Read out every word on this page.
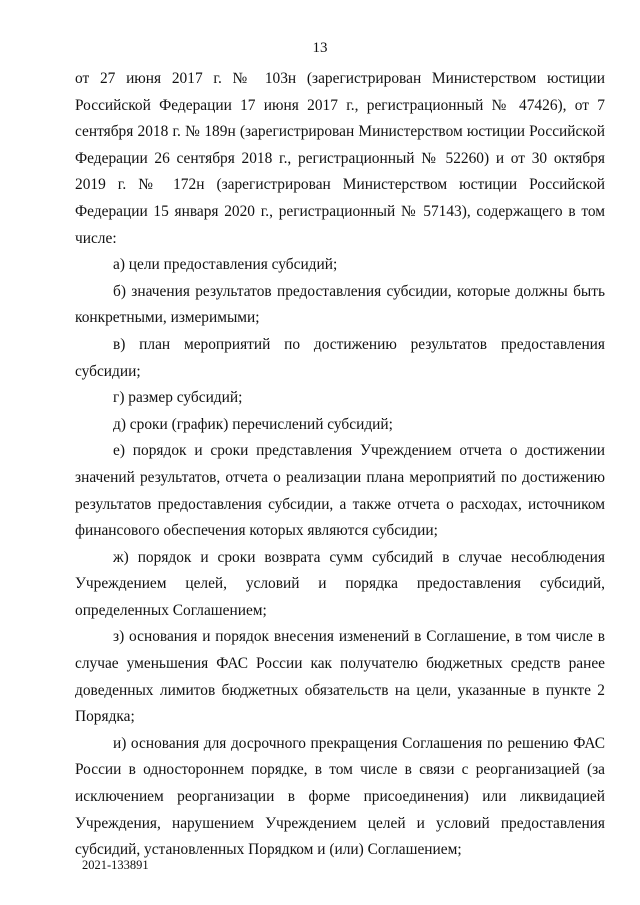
13

от 27 июня 2017 г. № 103н (зарегистрирован Министерством юстиции Российской Федерации 17 июня 2017 г., регистрационный № 47426), от 7 сентября 2018 г. № 189н (зарегистрирован Министерством юстиции Российской Федерации 26 сентября 2018 г., регистрационный № 52260) и от 30 октября 2019 г. № 172н (зарегистрирован Министерством юстиции Российской Федерации 15 января 2020 г., регистрационный № 57143), содержащего в том числе:

а) цели предоставления субсидий;

б) значения результатов предоставления субсидии, которые должны быть конкретными, измеримыми;

в) план мероприятий по достижению результатов предоставления субсидии;

г) размер субсидий;

д) сроки (график) перечислений субсидий;

е) порядок и сроки представления Учреждением отчета о достижении значений результатов, отчета о реализации плана мероприятий по достижению результатов предоставления субсидии, а также отчета о расходах, источником финансового обеспечения которых являются субсидии;

ж) порядок и сроки возврата сумм субсидий в случае несоблюдения Учреждением целей, условий и порядка предоставления субсидий, определенных Соглашением;

з) основания и порядок внесения изменений в Соглашение, в том числе в случае уменьшения ФАС России как получателю бюджетных средств ранее доведенных лимитов бюджетных обязательств на цели, указанные в пункте 2 Порядка;

и) основания для досрочного прекращения Соглашения по решению ФАС России в одностороннем порядке, в том числе в связи с реорганизацией (за исключением реорганизации в форме присоединения) или ликвидацией Учреждения, нарушением Учреждением целей и условий предоставления субсидий, установленных Порядком и (или) Соглашением;

2021-133891
